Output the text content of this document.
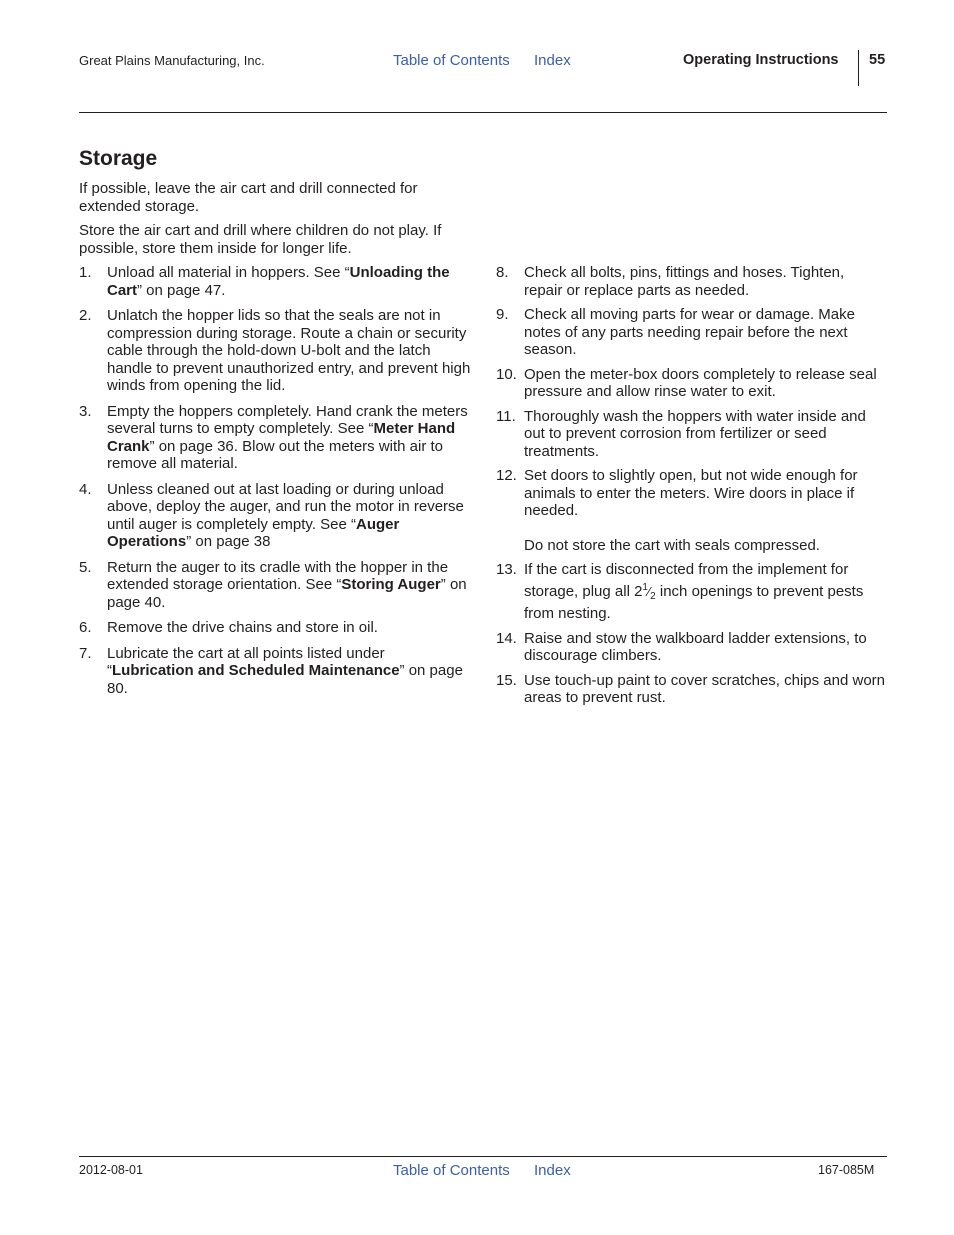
Great Plains Manufacturing, Inc.	Table of Contents Index	Operating Instructions 55
Storage

If possible, leave the air cart and drill connected for extended storage.

Store the air cart and drill where children do not play. If possible, store them inside for longer life.

1. Unload all material in hoppers. See “Unloading the Cart” on page 47.

2. Unlatch the hopper lids so that the seals are not in compression during storage. Route a chain or security cable through the hold-down U-bolt and the latch handle to prevent unauthorized entry, and prevent high winds from opening the lid.

3. Empty the hoppers completely. Hand crank the meters several turns to empty completely. See “Meter Hand Crank” on page 36. Blow out the meters with air to remove all material.

4. Unless cleaned out at last loading or during unload above, deploy the auger, and run the motor in reverse until auger is completely empty. See “Auger Operations” on page 38

5. Return the auger to its cradle with the hopper in the extended storage orientation. See “Storing Auger” on page 40.

6. Remove the drive chains and store in oil.

7. Lubricate the cart at all points listed under “Lubrication and Scheduled Maintenance” on page 80.

8. Check all bolts, pins, fittings and hoses. Tighten, repair or replace parts as needed.

9. Check all moving parts for wear or damage. Make notes of any parts needing repair before the next season.

10. Open the meter-box doors completely to release seal pressure and allow rinse water to exit.

11. Thoroughly wash the hoppers with water inside and out to prevent corrosion from fertilizer or seed treatments.

12. Set doors to slightly open, but not wide enough for animals to enter the meters. Wire doors in place if needed.

Do not store the cart with seals compressed.

13. If the cart is disconnected from the implement for storage, plug all $2^1⁄_2$ inch openings to prevent pests from nesting.

14. Raise and stow the walkboard ladder extensions, to discourage climbers.

15. Use touch-up paint to cover scratches, chips and worn areas to prevent rust.

2012-08-01	Table of Contents Index	167-085M
